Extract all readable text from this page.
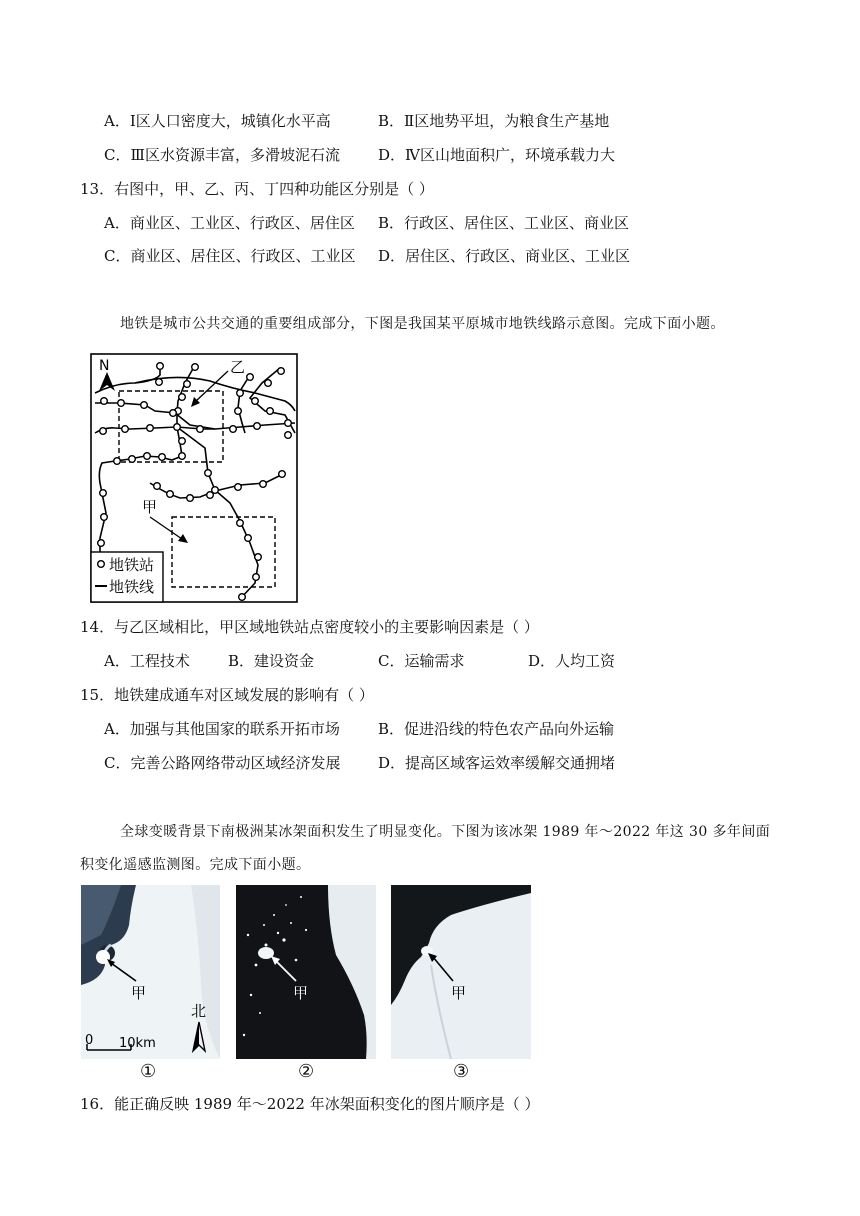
A．Ⅰ区人口密度大，城镇化水平高	B．Ⅱ区地势平坦，为粮食生产基地
C．Ⅲ区水资源丰富，多滑坡泥石流	D．Ⅳ区山地面积广，环境承载力大
13．右图中，甲、乙、丙、丁四种功能区分别是（ ）
A．商业区、工业区、行政区、居住区 B．行政区、居住区、工业区、商业区
C．商业区、居住区、行政区、工业区 D．居住区、行政区、商业区、工业区
地铁是城市公共交通的重要组成部分，下图是我国某平原城市地铁线路示意图。完成下面小题。
N	乙
甲
地铁站
地铁线
14．与乙区域相比，甲区域地铁站点密度较小的主要影响因素是（ ）
A．工程技术	B．建设资金	C．运输需求	D．人均工资
15．地铁建成通车对区域发展的影响有（ ）
A．加强与其他国家的联系开拓市场	B．促进沿线的特色农产品向外运输
C．完善公路网络带动区域经济发展	D．提高区域客运效率缓解交通拥堵
全球变暖背景下南极洲某冰架面积发生了明显变化。下图为该冰架 1989 年～2022 年这 30 多年间面
积变化遥感监测图。完成下面小题。
甲
0 10km
北
甲	甲
①	②	③
16．能正确反映 1989 年～2022 年冰架面积变化的图片顺序是（ ）
